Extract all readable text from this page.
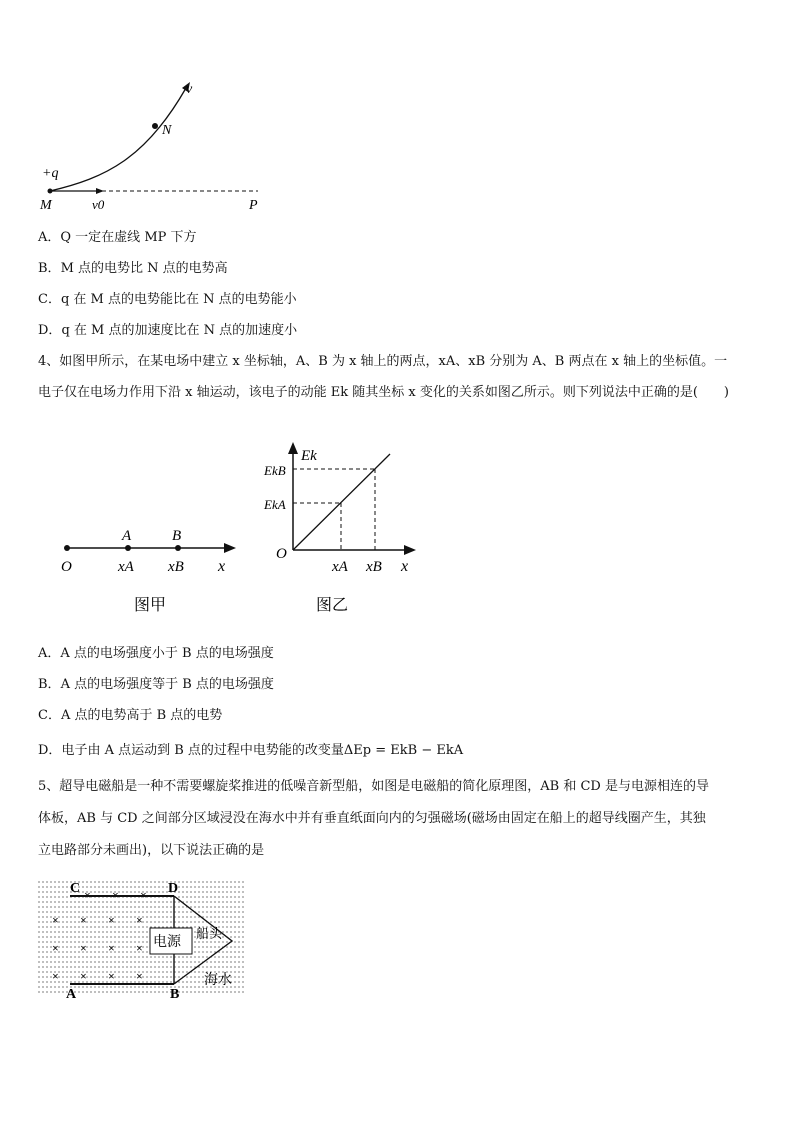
v
N
+q
M	v0	P
A．Q 一定在虚线 MP 下方
B．M 点的电势比 N 点的电势高
C．q 在 M 点的电势能比在 N 点的电势能小
D．q 在 M 点的加速度比在 N 点的加速度小
4、如图甲所示，在某电场中建立 x 坐标轴，A、B 为 x 轴上的两点，xA、xB 分别为 A、B 两点在 x 轴上的坐标值。一
电子仅在电场力作用下沿 x 轴运动，该电子的动能 Ek 随其坐标 x 变化的关系如图乙所示。则下列说法中正确的是(　　)
A	B
O	xA xB x
图甲
Ek
EkB
EkA
O
xA xB x
图乙
A．A 点的电场强度小于 B 点的电场强度
B．A 点的电场强度等于 B 点的电场强度
C．A 点的电势高于 B 点的电势
D．电子由 A 点运动到 B 点的过程中电势能的改变量ΔEp = EkB − EkA
5、超导电磁船是一种不需要螺旋桨推进的低噪音新型船，如图是电磁船的简化原理图，AB 和 CD 是与电源相连的导
体板，AB 与 CD 之间部分区域浸没在海水中并有垂直纸面向内的匀强磁场(磁场由固定在船上的超导线圈产生，其独
立电路部分未画出)，以下说法正确的是
× × ×
× × × ×
× × × ×
× × × ×
C	D
A	B
电源 船头
海水
